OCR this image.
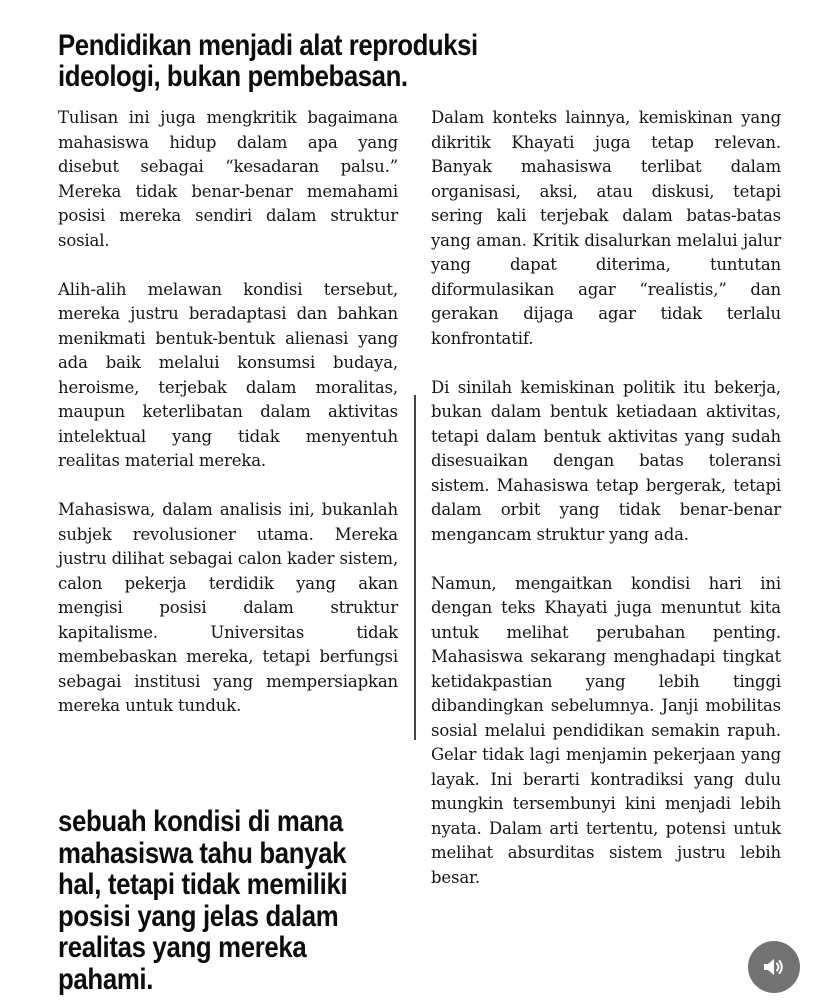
Pendidikan menjadi alat reproduksi ideologi, bukan pembebasan.

Tulisan ini juga mengkritik bagaimana mahasiswa hidup dalam apa yang disebut sebagai “kesadaran palsu.” Mereka tidak benar-benar memahami posisi mereka sendiri dalam struktur sosial.

Alih-alih melawan kondisi tersebut, mereka justru beradaptasi dan bahkan menikmati bentuk-bentuk alienasi yang ada baik melalui konsumsi budaya, heroisme, terjebak dalam moralitas, maupun keterlibatan dalam aktivitas intelektual yang tidak menyentuh realitas material mereka.

Mahasiswa, dalam analisis ini, bukanlah subjek revolusioner utama. Mereka justru dilihat sebagai calon kader sistem, calon pekerja terdidik yang akan mengisi posisi dalam struktur kapitalisme. Universitas tidak membebaskan mereka, tetapi berfungsi sebagai institusi yang mempersiapkan mereka untuk tunduk.

Dalam konteks lainnya, kemiskinan yang dikritik Khayati juga tetap relevan. Banyak mahasiswa terlibat dalam organisasi, aksi, atau diskusi, tetapi sering kali terjebak dalam batas-batas yang aman. Kritik disalurkan melalui jalur yang dapat diterima, tuntutan diformulasikan agar “realistis,” dan gerakan dijaga agar tidak terlalu konfrontatif.

Di sinilah kemiskinan politik itu bekerja, bukan dalam bentuk ketiadaan aktivitas, tetapi dalam bentuk aktivitas yang sudah disesuaikan dengan batas toleransi sistem. Mahasiswa tetap bergerak, tetapi dalam orbit yang tidak benar-benar mengancam struktur yang ada.

Namun, mengaitkan kondisi hari ini dengan teks Khayati juga menuntut kita untuk melihat perubahan penting. Mahasiswa sekarang menghadapi tingkat ketidakpastian yang lebih tinggi dibandingkan sebelumnya. Janji mobilitas sosial melalui pendidikan semakin rapuh. Gelar tidak lagi menjamin pekerjaan yang layak. Ini berarti kontradiksi yang dulu mungkin tersembunyi kini menjadi lebih nyata. Dalam arti tertentu, potensi untuk melihat absurditas sistem justru lebih besar.

sebuah kondisi di mana mahasiswa tahu banyak hal, tetapi tidak memiliki posisi yang jelas dalam realitas yang mereka pahami.
